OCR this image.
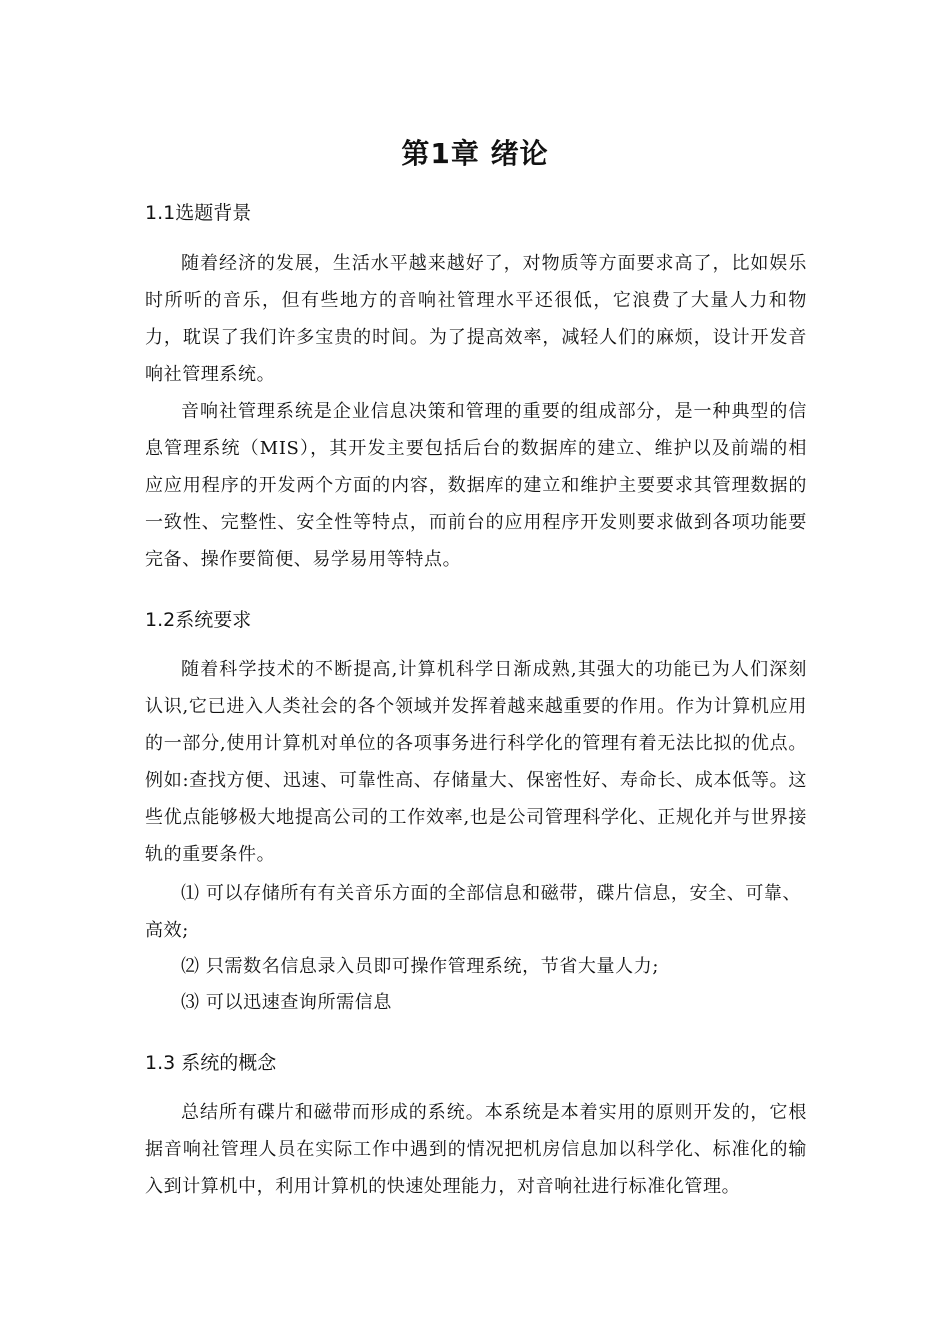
第1章 绪论
1.1选题背景

随着经济的发展，生活水平越来越好了，对物质等方面要求高了，比如娱乐时所听的音乐，但有些地方的音响社管理水平还很低，它浪费了大量人力和物力，耽误了我们许多宝贵的时间。为了提高效率，减轻人们的麻烦，设计开发音响社管理系统。

音响社管理系统是企业信息决策和管理的重要的组成部分，是一种典型的信息管理系统（MIS），其开发主要包括后台的数据库的建立、维护以及前端的相应应用程序的开发两个方面的内容，数据库的建立和维护主要要求其管理数据的一致性、完整性、安全性等特点，而前台的应用程序开发则要求做到各项功能要完备、操作要简便、易学易用等特点。

1.2系统要求

随着科学技术的不断提高,计算机科学日渐成熟,其强大的功能已为人们深刻认识,它已进入人类社会的各个领域并发挥着越来越重要的作用。作为计算机应用的一部分,使用计算机对单位的各项事务进行科学化的管理有着无法比拟的优点。例如:查找方便、迅速、可靠性高、存储量大、保密性好、寿命长、成本低等。这些优点能够极大地提高公司的工作效率,也是公司管理科学化、正规化并与世界接轨的重要条件。

⑴ 可以存储所有有关音乐方面的全部信息和磁带，碟片信息，安全、可靠、高效;

⑵ 只需数名信息录入员即可操作管理系统，节省大量人力;

⑶ 可以迅速查询所需信息

1.3 系统的概念

总结所有碟片和磁带而形成的系统。本系统是本着实用的原则开发的，它根据音响社管理人员在实际工作中遇到的情况把机房信息加以科学化、标准化的输入到计算机中，利用计算机的快速处理能力，对音响社进行标准化管理。
